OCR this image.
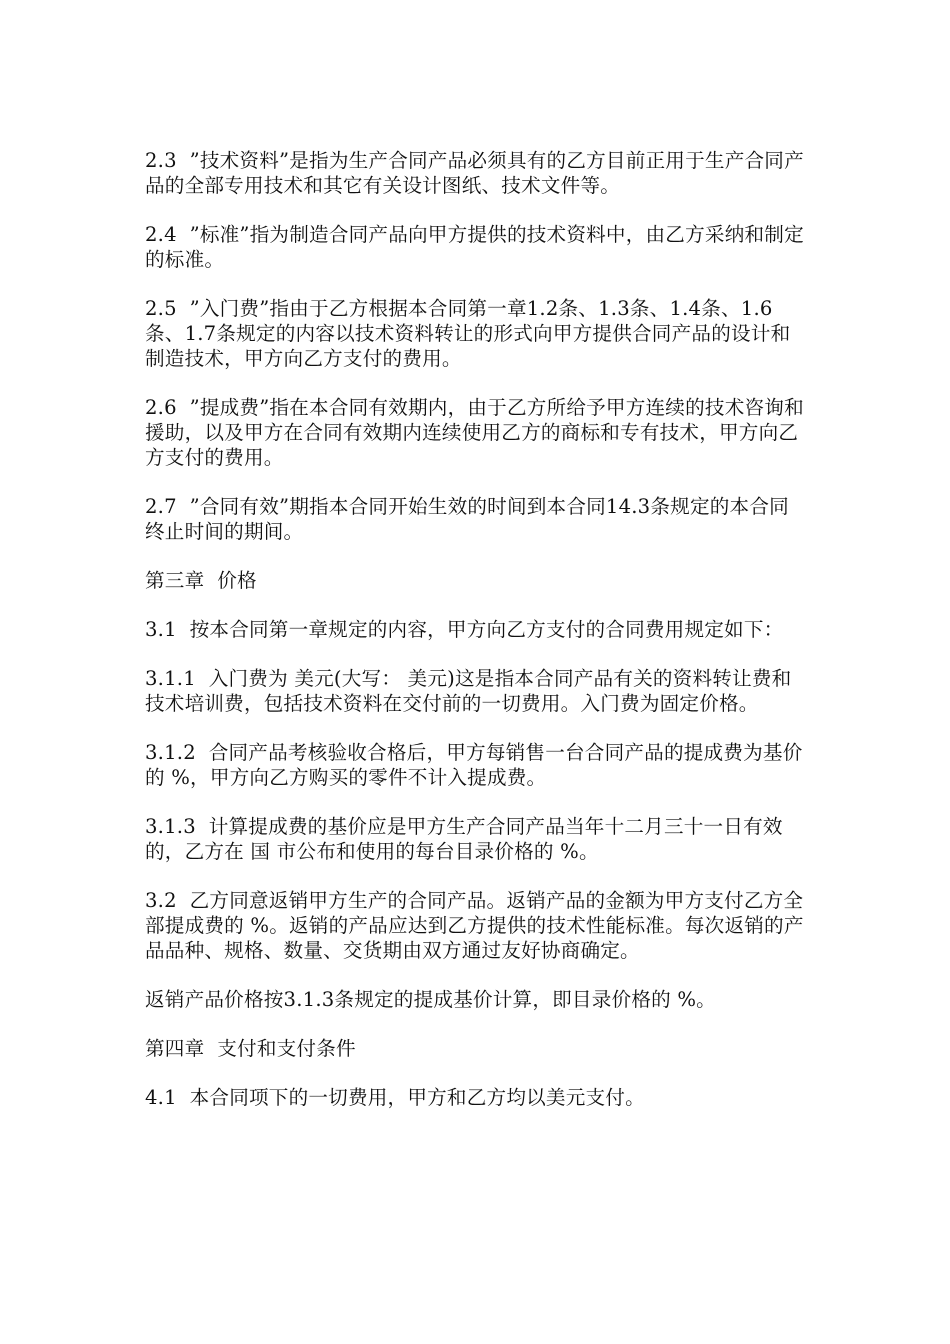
2.3  ”技术资料”是指为生产合同产品必须具有的乙方目前正用于生产合同产品的全部专用技术和其它有关设计图纸、技术文件等。

2.4  ”标准”指为制造合同产品向甲方提供的技术资料中，由乙方采纳和制定的标准。

2.5  ”入门费”指由于乙方根据本合同第一章1.2条、1.3条、1.4条、1.6条、1.7条规定的内容以技术资料转让的形式向甲方提供合同产品的设计和制造技术，甲方向乙方支付的费用。

2.6  ”提成费”指在本合同有效期内，由于乙方所给予甲方连续的技术咨询和援助，以及甲方在合同有效期内连续使用乙方的商标和专有技术，甲方向乙方支付的费用。

2.7  ”合同有效”期指本合同开始生效的时间到本合同14.3条规定的本合同终止时间的期间。

第三章  价格

3.1  按本合同第一章规定的内容，甲方向乙方支付的合同费用规定如下：

3.1.1  入门费为 美元(大写： 美元)这是指本合同产品有关的资料转让费和技术培训费，包括技术资料在交付前的一切费用。入门费为固定价格。

3.1.2  合同产品考核验收合格后，甲方每销售一台合同产品的提成费为基价的 %，甲方向乙方购买的零件不计入提成费。

3.1.3  计算提成费的基价应是甲方生产合同产品当年十二月三十一日有效的，乙方在 国 市公布和使用的每台目录价格的 %。

3.2  乙方同意返销甲方生产的合同产品。返销产品的金额为甲方支付乙方全部提成费的 %。返销的产品应达到乙方提供的技术性能标准。每次返销的产品品种、规格、数量、交货期由双方通过友好协商确定。

返销产品价格按3.1.3条规定的提成基价计算，即目录价格的 %。

第四章  支付和支付条件

4.1  本合同项下的一切费用，甲方和乙方均以美元支付。
